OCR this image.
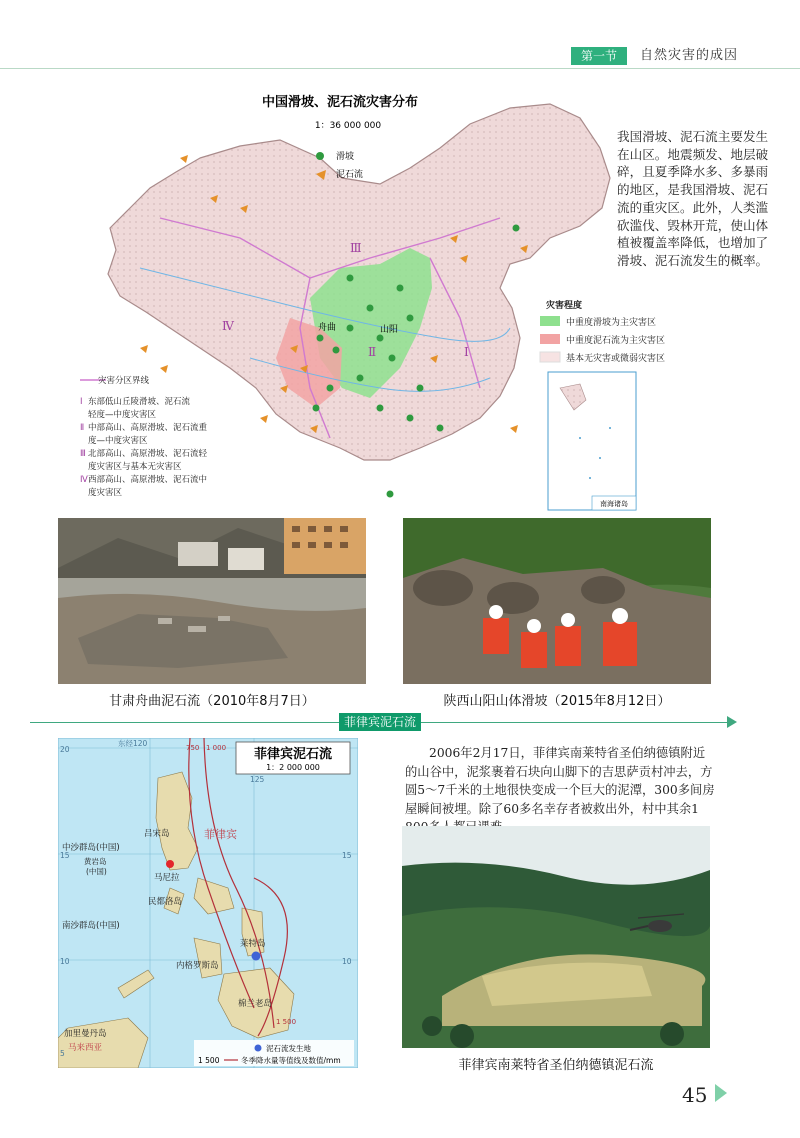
第一节	自然灾害的成因
中国滑坡、泥石流灾害分布
1：36 000 000
滑坡
泥石流
舟曲	山阳
Ⅰ
Ⅱ
Ⅲ
Ⅳ
灾害分区界线
Ⅰ 东部低山丘陵滑坡、泥石流
轻度—中度灾害区
Ⅱ 中部高山、高原滑坡、泥石流重
度—中度灾害区
Ⅲ 北部高山、高原滑坡、泥石流轻
度灾害区与基本无灾害区
Ⅳ 西部高山、高原滑坡、泥石流中
度灾害区
灾害程度
中重度滑坡为主灾害区
中重度泥石流为主灾害区
基本无灾害或微弱灾害区
南海诸岛
我国滑坡、泥石流主要发生在山区。地震频发、地层破碎，且夏季降水多、多暴雨的地区，是我国滑坡、泥石流的重灾区。此外，人类滥砍滥伐、毁林开荒，使山体植被覆盖率降低，也增加了滑坡、泥石流发生的概率。
甘肃舟曲泥石流（2010年8月7日）	陕西山阳山体滑坡（2015年8月12日）
菲律宾泥石流
菲律宾泥石流
1：2 000 000
东经120
125
20
15
10
5
15
10
吕宋岛
马尼拉
中沙群岛(中国)
黄岩岛
(中国)
民都洛岛
南沙群岛(中国)
莱特岛
内格罗斯岛
棉兰老岛
加里曼丹岛
马来西亚
菲律宾
750 1 000
1 500
泥石流发生地
1 500	冬季降水量等值线及数值/mm
2006年2月17日，菲律宾南莱特省圣伯纳德镇附近的山谷中，泥浆裹着石块向山脚下的吉思萨贡村冲去，方圆5～7千米的土地很快变成一个巨大的泥潭，300多间房屋瞬间被埋。除了60多名幸存者被救出外，村中其余1
菲律宾南莱特省圣伯纳德镇泥石流
45
